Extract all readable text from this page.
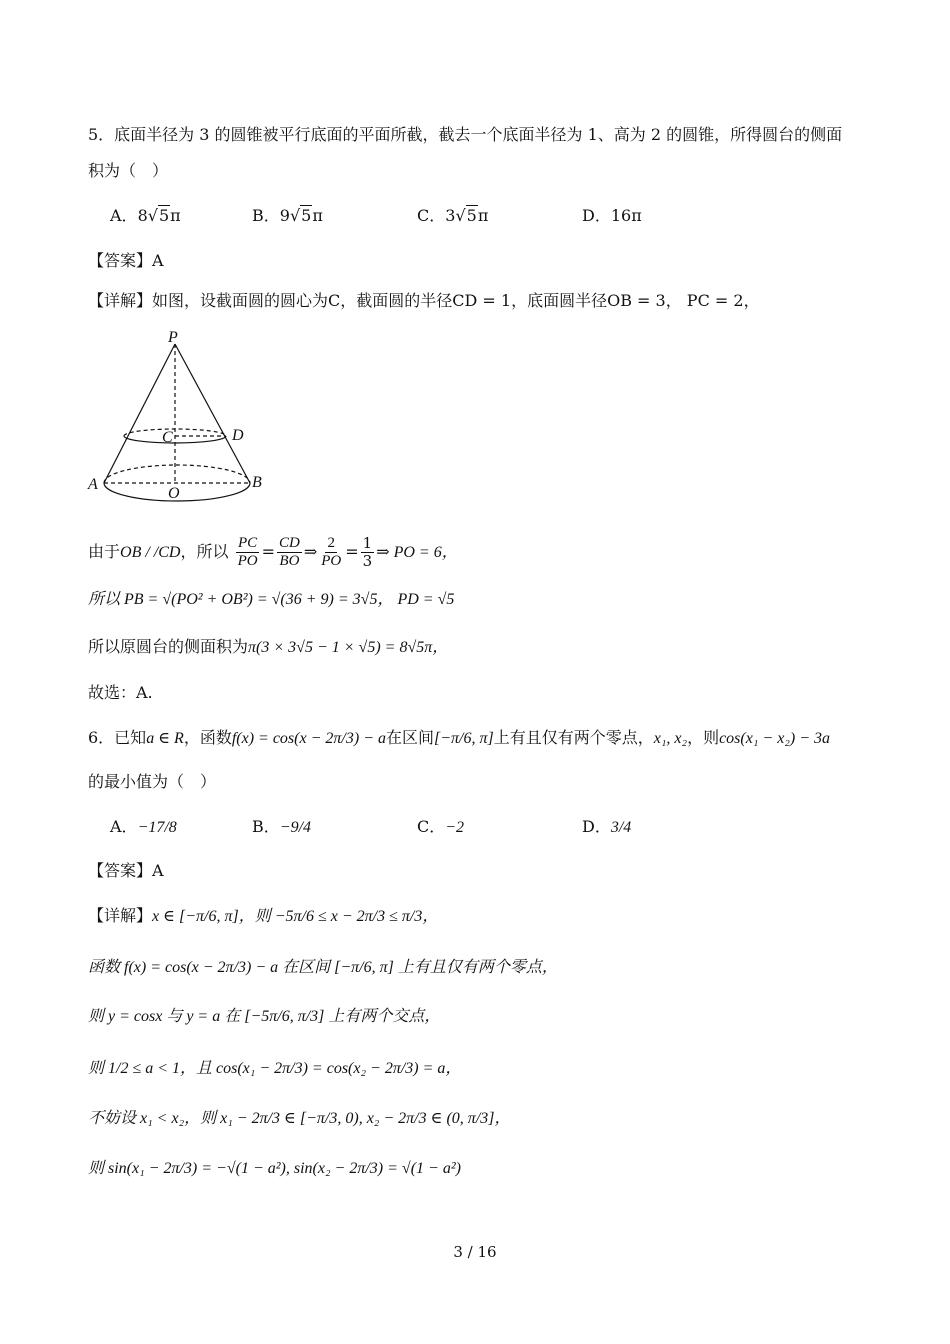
5．底面半径为 3 的圆锥被平行底面的平面所截，截去一个底面半径为 1、高为 2 的圆锥，所得圆台的侧面
积为（　）
A．8√5π	B．9√5π	C．3√5π	D．16π
【答案】A
【详解】如图，设截面圆的圆心为C，截面圆的半径CD = 1，底面圆半径OB = 3， PC = 2，
P
C	D
A
O
B
由于OB / /CD，所以 $\frac{PC}{PO} = \frac{CD}{BO}$ ⇒ $\frac{2}{PO} = \frac{1}{3}$ ⇒ PO = 6，
所以 PB = √(PO² + OB²) = √(36 + 9) = 3√5， PD = √5
所以原圆台的侧面积为π(3 × 3√5 − 1 × √5) = 8√5π，
故选：A.
6．已知a ∈ R，函数f(x) = cos(x − 2π/3) − a在区间[−π/6, π]上有且仅有两个零点，x₁, x₂，则cos(x₁ − x₂) − 3a
的最小值为（　）
A．−17/8	B．−9/4	C．−2	D．3/4
【答案】A
【详解】x ∈ [−π/6, π]，则 −5π/6 ≤ x − 2π/3 ≤ π/3，
函数 f(x) = cos(x − 2π/3) − a 在区间 [−π/6, π] 上有且仅有两个零点，
则 y = cosx 与 y = a 在 [−5π/6, π/3] 上有两个交点，
则 1/2 ≤ a < 1，且 cos(x₁ − 2π/3) = cos(x₂ − 2π/3) = a，
不妨设 x₁ < x₂，则 x₁ − 2π/3 ∈ [−π/3, 0), x₂ − 2π/3 ∈ (0, π/3]，
则 sin(x₁ − 2π/3) = −√(1 − a²), sin(x₂ − 2π/3) = √(1 − a²)
3 / 16
